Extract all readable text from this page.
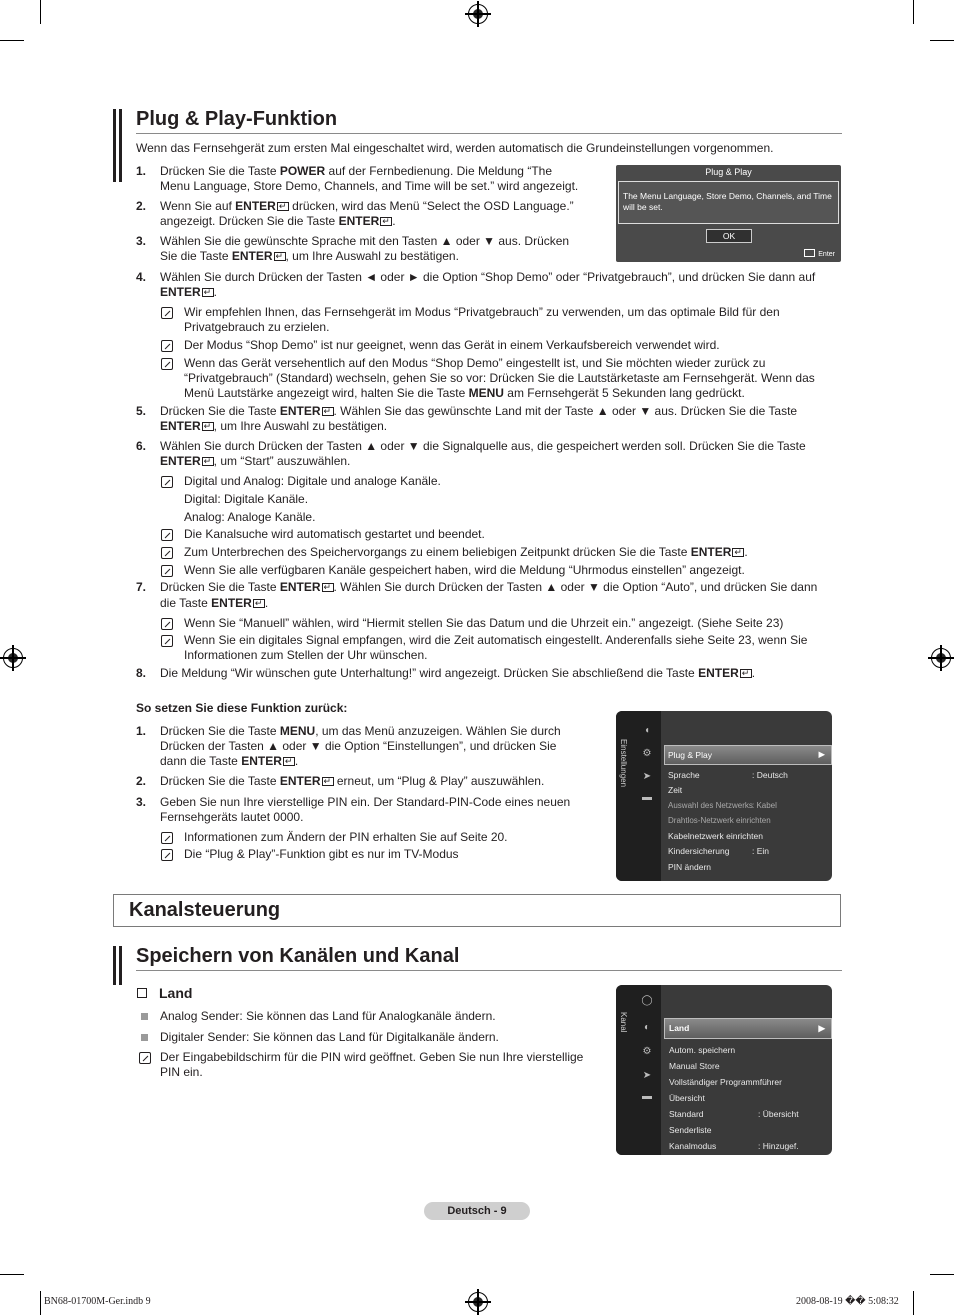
Plug & Play-Funktion
Wenn das Fernsehgerät zum ersten Mal eingeschaltet wird, werden automatisch die Grundeinstellungen vorgenommen.
1. Drücken Sie die Taste POWER auf der Fernbedienung. Die Meldung “The
Menu Language, Store Demo, Channels, and Time will be set.” wird angezeigt.
2. Wenn Sie auf ENTER↵ drücken, wird das Menü “Select the OSD Language.”
angezeigt. Drücken Sie die Taste ENTER ↵ .
3. Wählen Sie die gewünschte Sprache mit den Tasten ▲ oder ▼ aus. Drücken
Sie die Taste ENTER ↵ , um Ihre Auswahl zu bestätigen.
Plug & Play
The Menu Language, Store Demo, Channels, and Time will be set.
OK
Enter
4. Wählen Sie durch Drücken der Tasten ◄ oder ► die Option “Shop Demo” oder “Privatgebrauch”, und drücken Sie dann auf
ENTER ↵ .
Wir empfehlen Ihnen, das Fernsehgerät im Modus “Privatgebrauch” zu verwenden, um das optimale Bild für den
Privatgebrauch zu erzielen.
Der Modus “Shop Demo” ist nur geeignet, wenn das Gerät in einem Verkaufsbereich verwendet wird.
Wenn das Gerät versehentlich auf den Modus “Shop Demo” eingestellt ist, und Sie möchten wieder zurück zu
“Privatgebrauch” (Standard) wechseln, gehen Sie so vor: Drücken Sie die Lautstärketaste am Fernsehgerät. Wenn das
Menü Lautstärke angezeigt wird, halten Sie die Taste MENU am Fernsehgerät 5 Sekunden lang gedrückt.
5. Drücken Sie die Taste ENTER ↵ . Wählen Sie das gewünschte Land mit der Taste ▲ oder ▼ aus. Drücken Sie die Taste
ENTER ↵ , um Ihre Auswahl zu bestätigen.
6. Wählen Sie durch Drücken der Tasten ▲ oder ▼ die Signalquelle aus, die gespeichert werden soll. Drücken Sie die Taste
ENTER ↵ , um “Start” auszuwählen.
Digital und Analog: Digitale und analoge Kanäle.
Digital: Digitale Kanäle.
Analog: Analoge Kanäle.
Die Kanalsuche wird automatisch gestartet und beendet.
Zum Unterbrechen des Speichervorgangs zu einem beliebigen Zeitpunkt drücken Sie die Taste ENTER ↵ .
Wenn Sie alle verfügbaren Kanäle gespeichert haben, wird die Meldung “Uhrmodus einstellen” angezeigt.
7. Drücken Sie die Taste ENTER ↵ . Wählen Sie durch Drücken der Tasten ▲ oder ▼ die Option “Auto”, und drücken Sie dann
die Taste ENTER ↵ .
Wenn Sie “Manuell” wählen, wird “Hiermit stellen Sie das Datum und die Uhrzeit ein.” angezeigt. (Siehe Seite 23)
Wenn Sie ein digitales Signal empfangen, wird die Zeit automatisch eingestellt. Anderenfalls siehe Seite 23, wenn Sie
Informationen zum Stellen der Uhr wünschen.
8. Die Meldung “Wir wünschen gute Unterhaltung!” wird angezeigt. Drücken Sie abschließend die Taste ENTER ↵ .
So setzen Sie diese Funktion zurück:
1. Drücken Sie die Taste MENU, um das Menü anzuzeigen. Wählen Sie durch
Drücken der Tasten ▲ oder ▼ die Option “Einstellungen”, und drücken Sie
dann die Taste ENTER ↵ .
2. Drücken Sie die Taste ENTER↵ erneut, um “Plug & Play” auszuwählen.
3. Geben Sie nun Ihre vierstellige PIN ein. Der Standard-PIN-Code eines neuen
Fernsehgeräts lautet 0000.
Informationen zum Ändern der PIN erhalten Sie auf Seite 20.
Die “Plug & Play”-Funktion gibt es nur im TV-Modus
Einstellungen
◖
⚙
➤
▬
Plug & Play	▶
Sprache	: Deutsch
Zeit
Auswahl des Netzwerks : Kabel
Drahtlos-Netzwerk einrichten
Kabelnetzwerk einrichten
Kindersicherung	: Ein
PIN ändern
Kanalsteuerung
Speichern von Kanälen und Kanal
Land
Analog Sender: Sie können das Land für Analogkanäle ändern.
Digitaler Sender: Sie können das Land für Digitalkanäle ändern.
Der Eingabebildschirm für die PIN wird geöffnet. Geben Sie nun Ihre vierstellige
PIN ein.
Kanal
◯
◐
⚙
➤
▬
Land	▶
Autom. speichern
Manual Store
Vollständiger Programmführer
Übersicht
Standard	: Übersicht
Senderliste
Kanalmodus	: Hinzugef.
Deutsch - 9
BN68-01700M-Ger.indb 9	2008-08-19 �� 5:08:32
